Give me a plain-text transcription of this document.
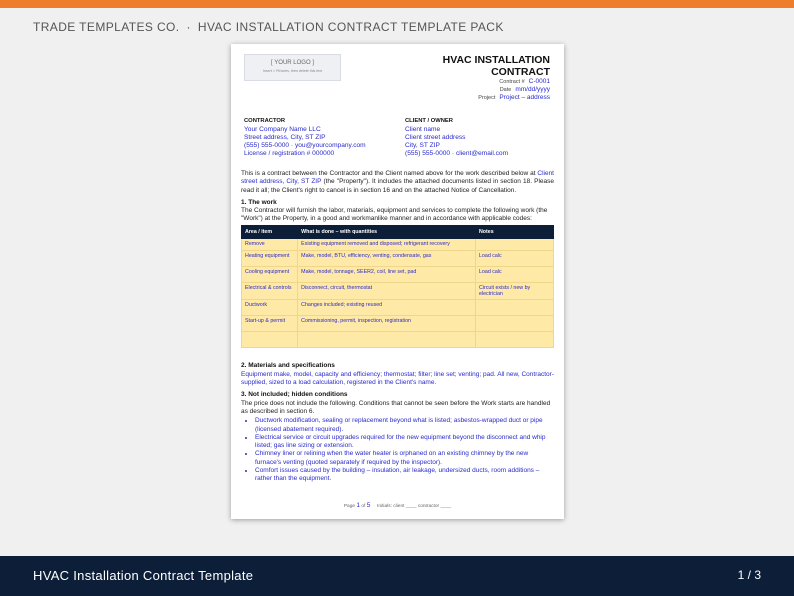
TRADE TEMPLATES CO. · HVAC INSTALLATION CONTRACT TEMPLATE PACK
[ YOUR LOGO ]
Insert > Pictures, then delete this text
HVAC INSTALLATION
CONTRACT
Contract # C-0001
Date mm/dd/yyyy
Project Project – address
CONTRACTOR
Your Company Name LLC
Street address, City, ST ZIP
(555) 555-0000 · you@yourcompany.com
License / registration # 000000
CLIENT / OWNER
Client name
Client street address
City, ST ZIP
(555) 555-0000 · client@email.com

This is a contract between the Contractor and the Client named above for the work described below at Client street address, City, ST ZIP (the "Property"). It includes the attached documents listed in section 18. Please read it all; the Client's right to cancel is in section 16 and on the attached Notice of Cancellation.

1. The work

The Contractor will furnish the labor, materials, equipment and services to complete the following work (the "Work") at the Property, in a good and workmanlike manner and in accordance with applicable codes:

Area / item	What is done – with quantities	Notes
Remove	Existing equipment removed and disposed; refrigerant recovery	
Heating equipment	Make, model, BTU, efficiency, venting, condensate, gas	Load calc
Cooling equipment	Make, model, tonnage, SEER2, coil, line set, pad	Load calc
Electrical & controls	Disconnect, circuit, thermostat	Circuit exists / new by electrician
Ductwork	Changes included; existing reused	
Start-up & permit	Commissioning, permit, inspection, registration	

2. Materials and specifications

Equipment make, model, capacity and efficiency; thermostat; filter; line set; venting; pad. All new, Contractor-supplied, sized to a load calculation, registered in the Client's name.

3. Not included; hidden conditions

The price does not include the following. Conditions that cannot be seen before the Work starts are handled as described in section 6.

• Ductwork modification, sealing or replacement beyond what is listed; asbestos-wrapped duct or pipe (licensed abatement required).
• Electrical service or circuit upgrades required for the new equipment beyond the disconnect and whip listed; gas line sizing or extension.
• Chimney liner or relining when the water heater is orphaned on an existing chimney by the new furnace's venting (quoted separately if required by the inspector).
• Comfort issues caused by the building – insulation, air leakage, undersized ducts, room additions – rather than the equipment.
Page 1 of 5 Initials: client ____ contractor ____
HVAC Installation Contract Template	1 / 3
